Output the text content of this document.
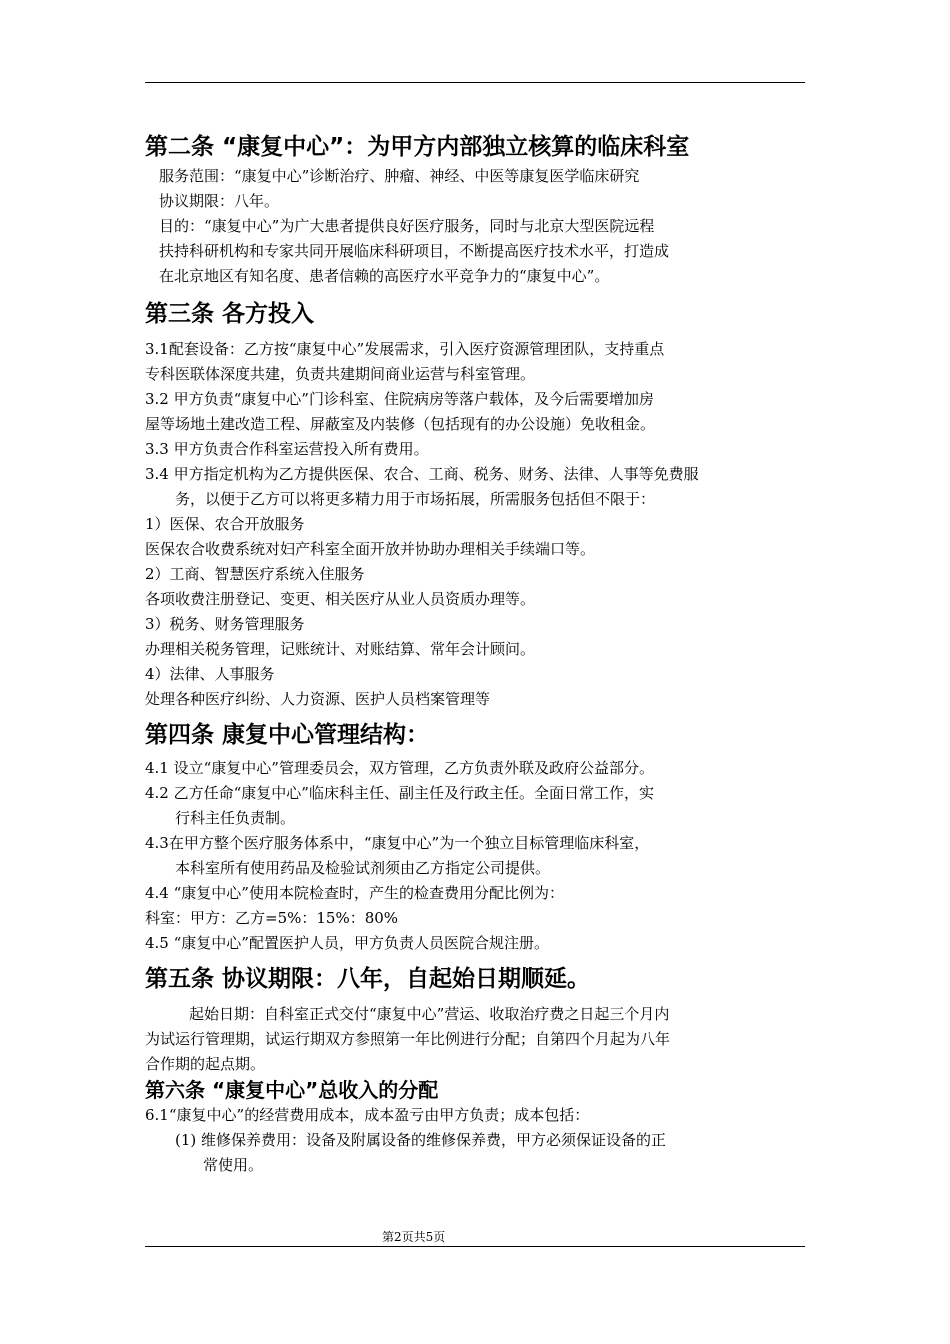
第二条 “康复中心”：为甲方内部独立核算的临床科室

服务范围：“康复中心”诊断治疗、肿瘤、神经、中医等康复医学临床研究

协议期限：八年。

目的：“康复中心”为广大患者提供良好医疗服务，同时与北京大型医院远程

扶持科研机构和专家共同开展临床科研项目，不断提高医疗技术水平，打造成

在北京地区有知名度、患者信赖的高医疗水平竞争力的“康复中心”。

第三条 各方投入

3.1配套设备：乙方按“康复中心”发展需求，引入医疗资源管理团队，支持重点

专科医联体深度共建，负责共建期间商业运营与科室管理。

3.2 甲方负责“康复中心”门诊科室、住院病房等落户载体，及今后需要增加房

屋等场地土建改造工程、屏蔽室及内装修（包括现有的办公设施）免收租金。

3.3 甲方负责合作科室运营投入所有费用。

3.4 甲方指定机构为乙方提供医保、农合、工商、税务、财务、法律、人事等免费服

务，以便于乙方可以将更多精力用于市场拓展，所需服务包括但不限于：

1）医保、农合开放服务

医保农合收费系统对妇产科室全面开放并协助办理相关手续端口等。

2）工商、智慧医疗系统入住服务

各项收费注册登记、变更、相关医疗从业人员资质办理等。

3）税务、财务管理服务

办理相关税务管理，记账统计、对账结算、常年会计顾问。

4）法律、人事服务

处理各种医疗纠纷、人力资源、医护人员档案管理等

第四条 康复中心管理结构：

4.1 设立“康复中心”管理委员会，双方管理，乙方负责外联及政府公益部分。

4.2 乙方任命“康复中心”临床科主任、副主任及行政主任。全面日常工作，实

行科主任负责制。

4.3在甲方整个医疗服务体系中，“康复中心”为一个独立目标管理临床科室，

本科室所有使用药品及检验试剂须由乙方指定公司提供。

4.4 “康复中心”使用本院检查时，产生的检查费用分配比例为：

科室：甲方：乙方=5%：15%：80%

4.5 “康复中心”配置医护人员，甲方负责人员医院合规注册。

第五条 协议期限：八年，自起始日期顺延。

起始日期：自科室正式交付“康复中心”营运、收取治疗费之日起三个月内

为试运行管理期，试运行期双方参照第一年比例进行分配；自第四个月起为八年

合作期的起点期。

第六条 “康复中心”总收入的分配

6.1“康复中心”的经营费用成本，成本盈亏由甲方负责；成本包括：

(1) 维修保养费用：设备及附属设备的维修保养费，甲方必须保证设备的正

常使用。

第2页共5页
